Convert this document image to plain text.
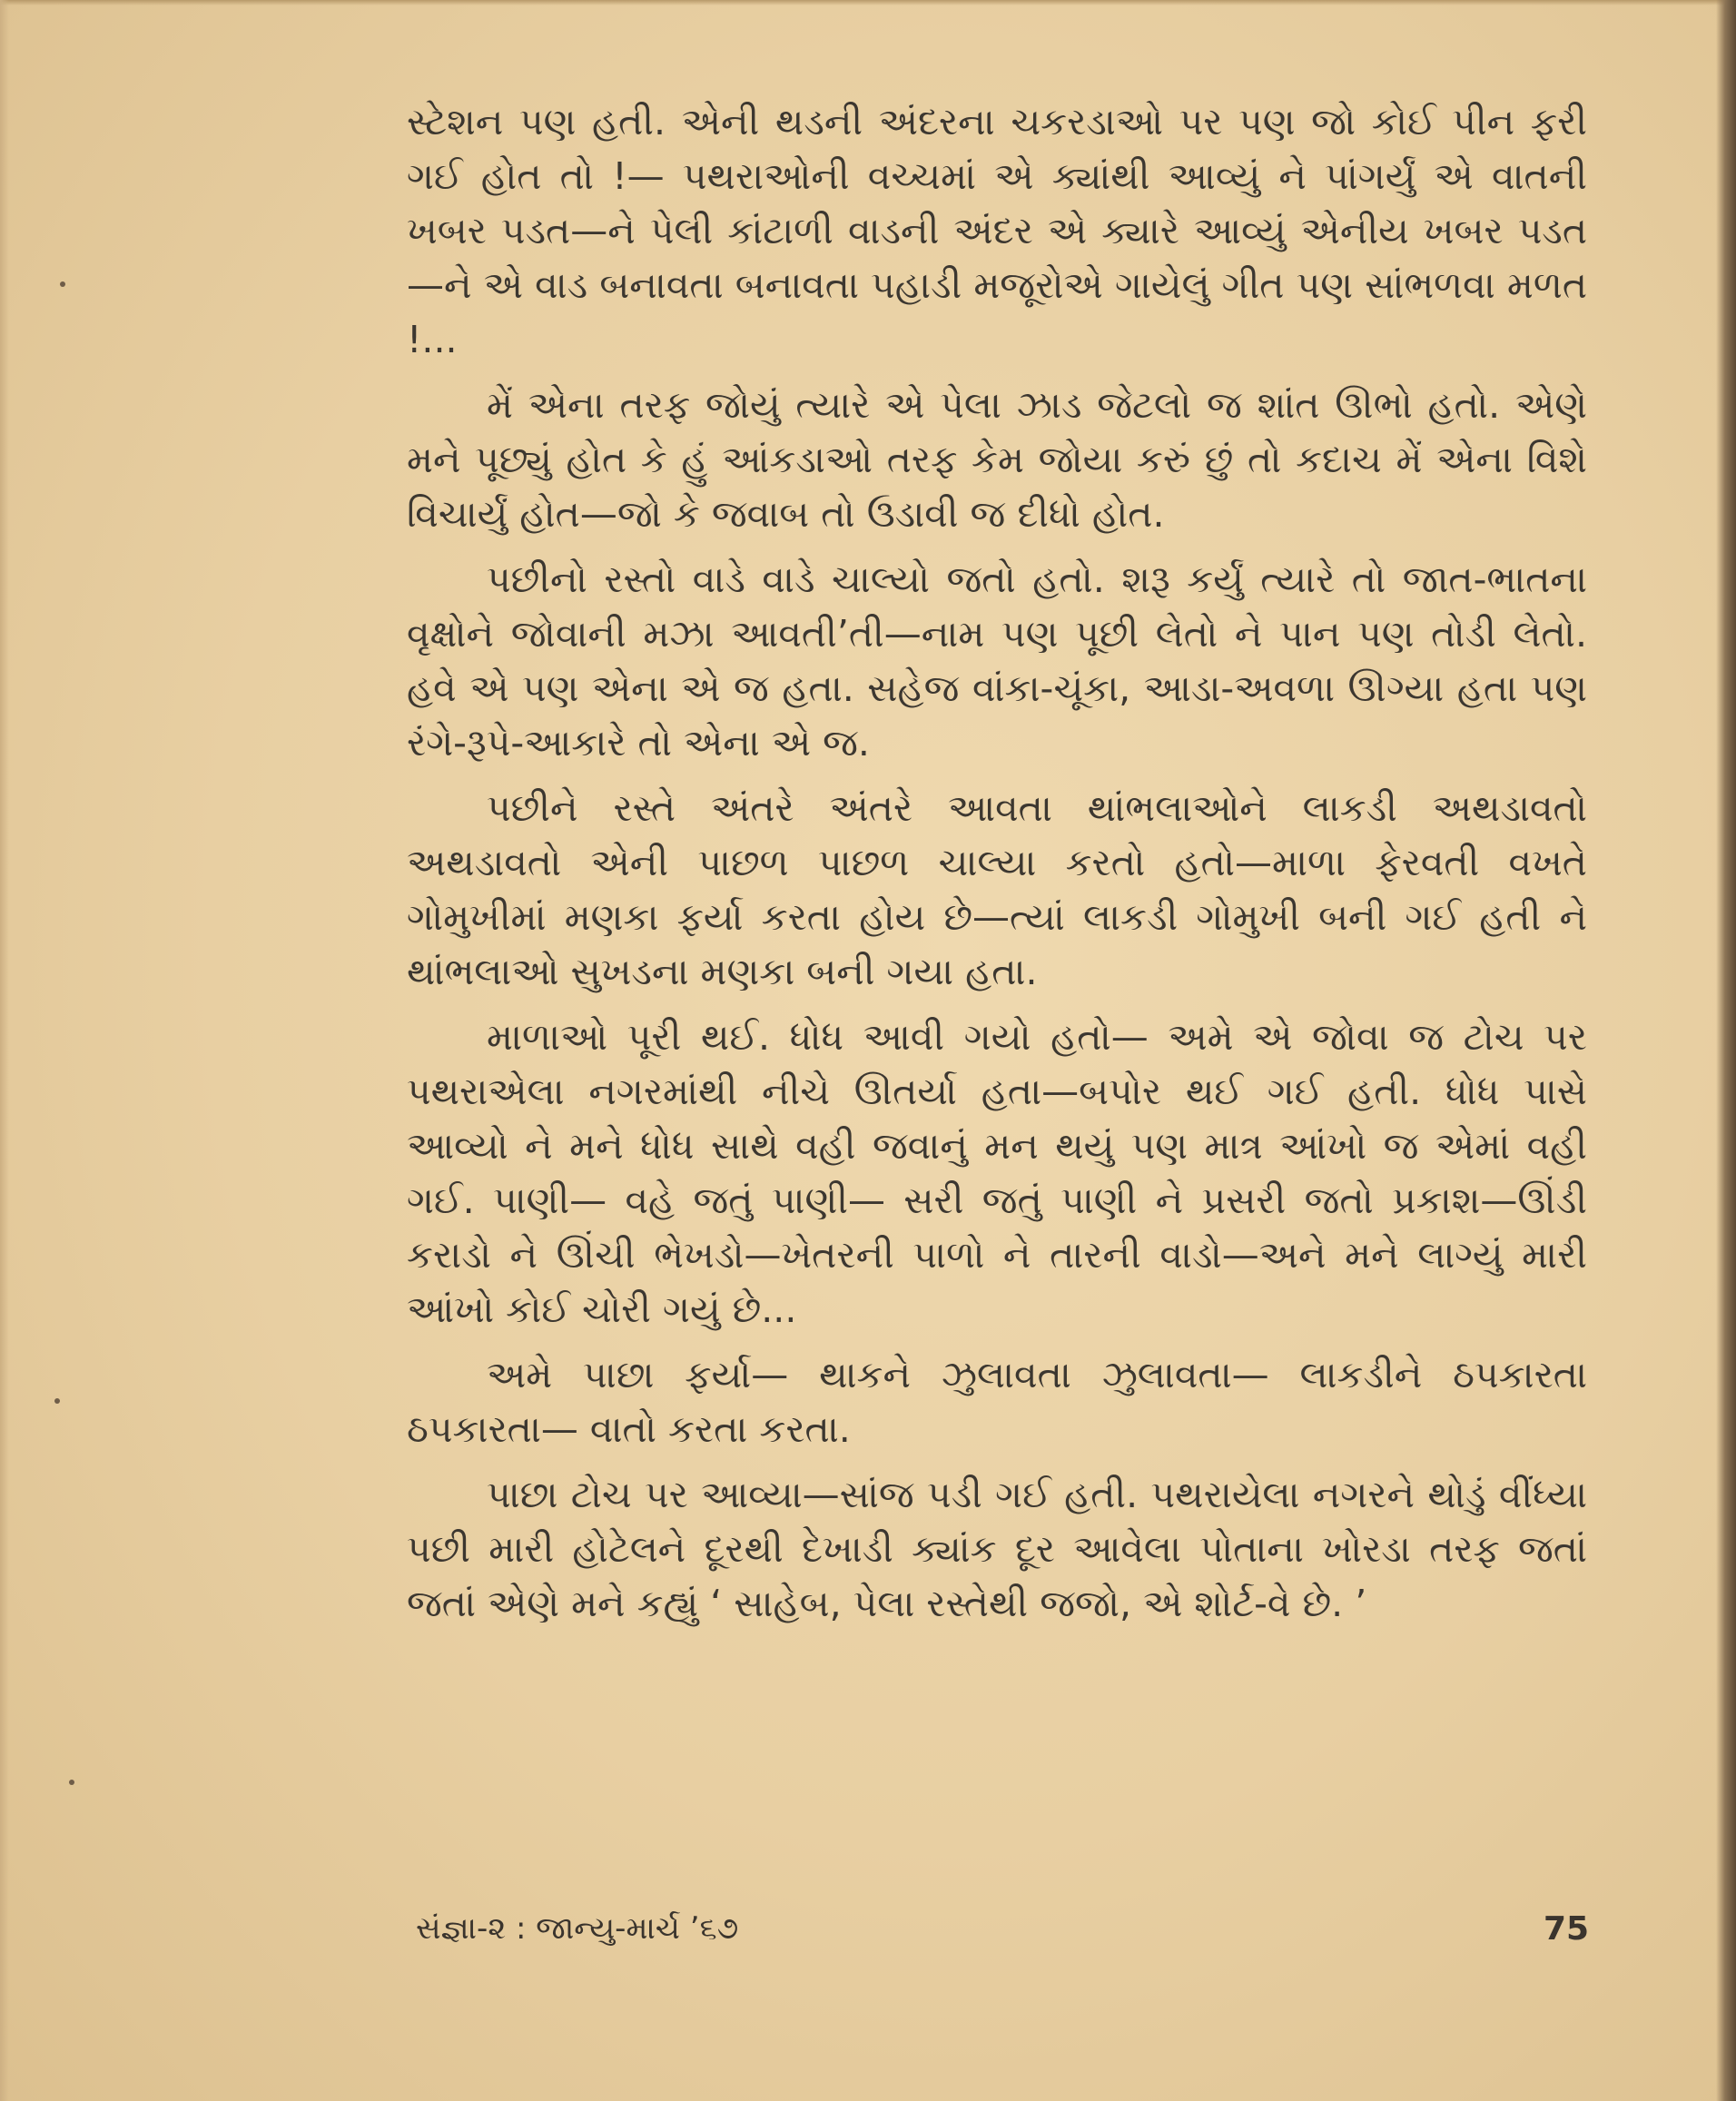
સ્ટેશન પણ હતી. એની થડની અંદરના ચકરડાઓ પર પણ જો કોઈ પીન ફરી ગઈ હોત તો !— પથરાઓની વચ્ચમાં એ ક્યાંથી આવ્યું ને પાંગર્યું એ વાતની ખબર પડત—ને પેલી કાંટાળી વાડની અંદર એ ક્યારે આવ્યું એનીય ખબર પડત—ને એ વાડ બનાવતા બનાવતા પહાડી મજૂરોએ ગાયેલું ગીત પણ સાંભળવા મળત !...

મેં એના તરફ જોયું ત્યારે એ પેલા ઝાડ જેટલો જ શાંત ઊભો હતો. એણે મને પૂછ્યું હોત કે હું આંકડાઓ તરફ કેમ જોયા કરું છું તો કદાચ મેં એના વિશે વિચાર્યું હોત—જો કે જવાબ તો ઉડાવી જ દીધો હોત.

પછીનો રસ્તો વાડે વાડે ચાલ્યો જતો હતો. શરૂ કર્યું ત્યારે તો જાત-ભાતના વૃક્ષોને જોવાની મઝા આવતી’તી—નામ પણ પૂછી લેતો ને પાન પણ તોડી લેતો. હવે એ પણ એના એ જ હતા. સહેજ વાંકા-ચૂંકા, આડા-અવળા ઊગ્યા હતા પણ રંગે-રૂપે-આકારે તો એના એ જ.

પછીને રસ્તે અંતરે અંતરે આવતા થાંભલાઓને લાકડી અથડાવતો અથડાવતો એની પાછળ પાછળ ચાલ્યા કરતો હતો—માળા ફેરવતી વખતે ગોમુખીમાં મણકા ફર્યા કરતા હોય છે—ત્યાં લાકડી ગોમુખી બની ગઈ હતી ને થાંભલાઓ સુખડના મણકા બની ગયા હતા.

માળાઓ પૂરી થઈ. ધોધ આવી ગયો હતો— અમે એ જોવા જ ટોચ પર પથરાએલા નગરમાંથી નીચે ઊતર્યા હતા—બપોર થઈ ગઈ હતી. ધોધ પાસે આવ્યો ને મને ધોધ સાથે વહી જવાનું મન થયું પણ માત્ર આંખો જ એમાં વહી ગઈ. પાણી— વહે જતું પાણી— સરી જતું પાણી ને પ્રસરી જતો પ્રકાશ—ઊંડી કરાડો ને ઊંચી ભેખડો—ખેતરની પાળો ને તારની વાડો—અને મને લાગ્યું મારી આંખો કોઈ ચોરી ગયું છે...

અમે પાછા ફર્યા— થાકને ઝુલાવતા ઝુલાવતા— લાકડીને ઠપકારતા ઠપકારતા— વાતો કરતા કરતા.

પાછા ટોચ પર આવ્યા—સાંજ પડી ગઈ હતી. પથરાયેલા નગરને થોડું વીંધ્યા પછી મારી હોટેલને દૂરથી દેખાડી ક્યાંક દૂર આવેલા પોતાના ખોરડા તરફ જતાં જતાં એણે મને કહ્યું ‘ સાહેબ, પેલા રસ્તેથી જજો, એ શોર્ટ-વે છે. ’

સંજ્ઞા-૨ : જાન્યુ-માર્ચ ’૬૭	75
